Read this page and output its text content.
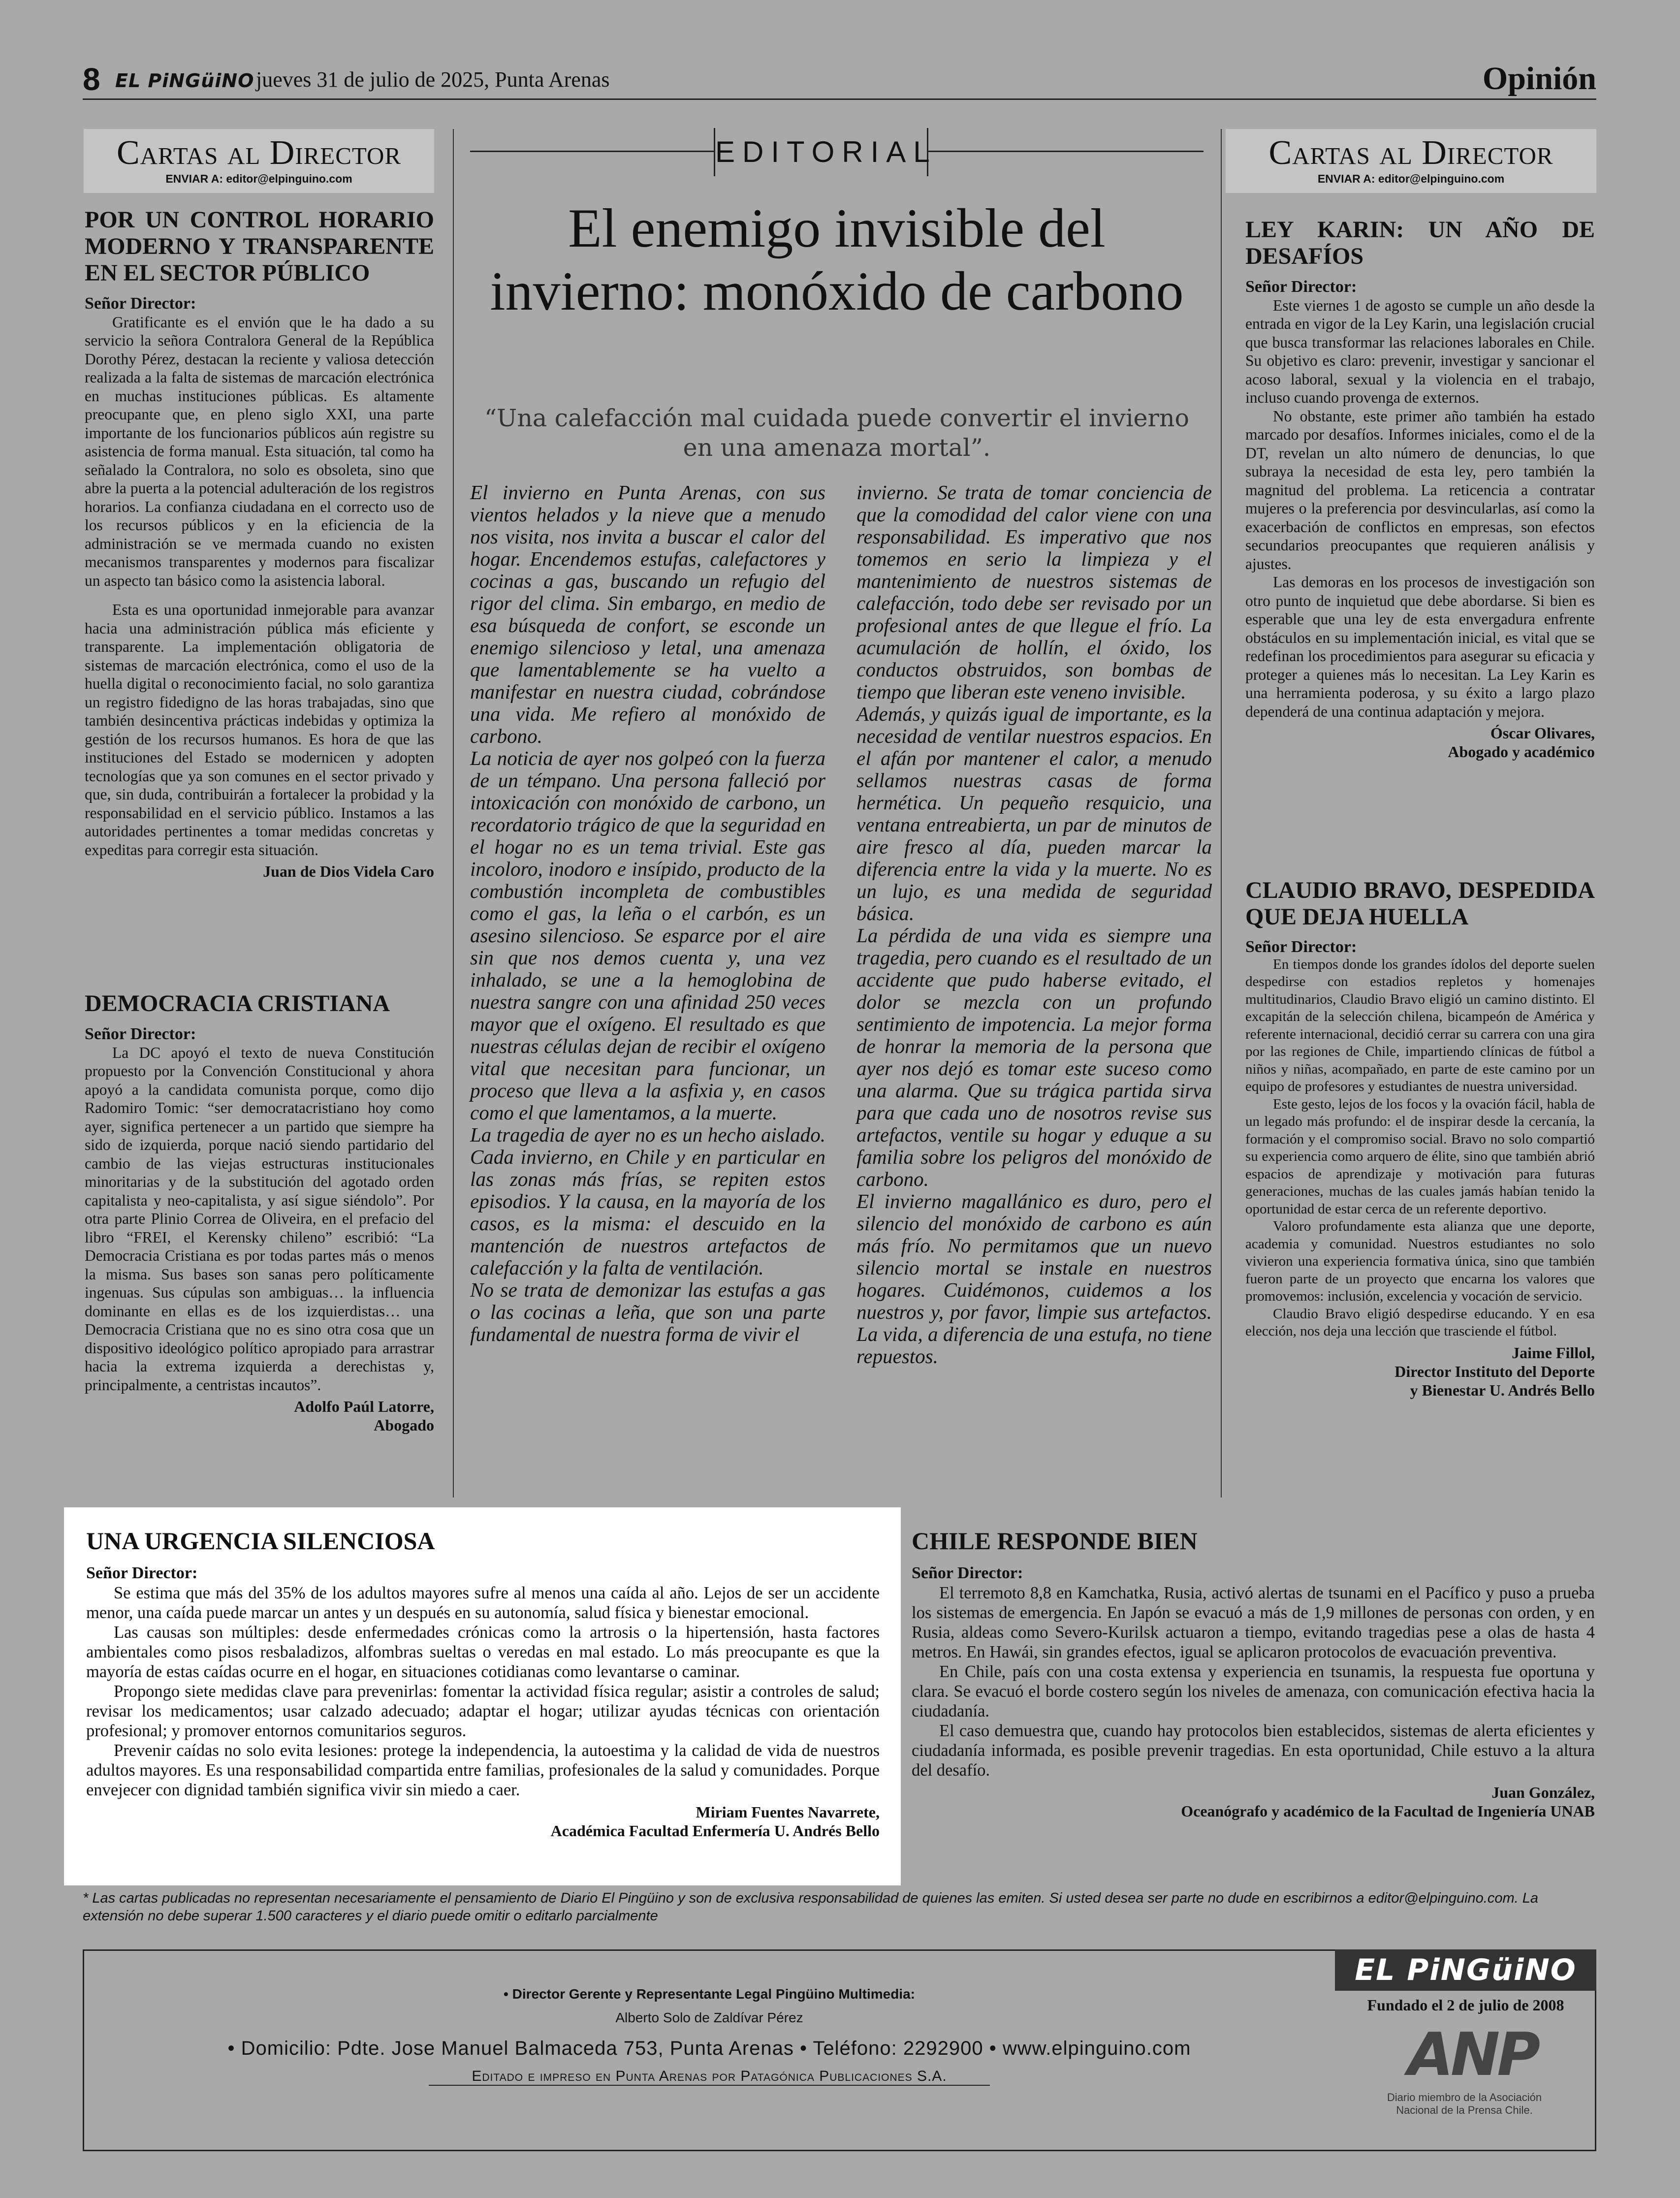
8 EL PiNGüiNO jueves 31 de julio de 2025, Punta Arenas	Opinión
Cartas al Director
ENVIAR A: editor@elpinguino.com
POR UN CONTROL HORARIO MODERNO Y TRANSPARENTE EN EL SECTOR PÚBLICO

Señor Director:

Gratificante es el envión que le ha dado a su servicio la señora Contralora General de la República Dorothy Pérez, destacan la reciente y valiosa detección realizada a la falta de sistemas de marcación electrónica en muchas instituciones públicas. Es altamente preocupante que, en pleno siglo XXI, una parte importante de los funcionarios públicos aún registre su asistencia de forma manual. Esta situación, tal como ha señalado la Contralora, no solo es obsoleta, sino que abre la puerta a la potencial adulteración de los registros horarios. La confianza ciudadana en el correcto uso de los recursos públicos y en la eficiencia de la administración se ve mermada cuando no existen mecanismos transparentes y modernos para fiscalizar un aspecto tan básico como la asistencia laboral.

Esta es una oportunidad inmejorable para avanzar hacia una administración pública más eficiente y transparente. La implementación obligatoria de sistemas de marcación electrónica, como el uso de la huella digital o reconocimiento facial, no solo garantiza un registro fidedigno de las horas trabajadas, sino que también desincentiva prácticas indebidas y optimiza la gestión de los recursos humanos. Es hora de que las instituciones del Estado se modernicen y adopten tecnologías que ya son comunes en el sector privado y que, sin duda, contribuirán a fortalecer la probidad y la responsabilidad en el servicio público. Instamos a las autoridades pertinentes a tomar medidas concretas y expeditas para corregir esta situación.

Juan de Dios Videla Caro
DEMOCRACIA CRISTIANA

Señor Director:

La DC apoyó el texto de nueva Constitución propuesto por la Convención Constitucional y ahora apoyó a la candidata comunista porque, como dijo Radomiro Tomic: “ser democratacristiano hoy como ayer, significa pertenecer a un partido que siempre ha sido de izquierda, porque nació siendo partidario del cambio de las viejas estructuras institucionales minoritarias y de la substitución del agotado orden capitalista y neo-capitalista, y así sigue siéndolo”. Por otra parte Plinio Correa de Oliveira, en el prefacio del libro “FREI, el Kerensky chileno” escribió: “La Democracia Cristiana es por todas partes más o menos la misma. Sus bases son sanas pero políticamente ingenuas. Sus cúpulas son ambiguas… la influencia dominante en ellas es de los izquierdistas… una Democracia Cristiana que no es sino otra cosa que un dispositivo ideológico político apropiado para arrastrar hacia la extrema izquierda a derechistas y, principalmente, a centristas incautos”.

Adolfo Paúl Latorre,
Abogado
EDITORIAL
El enemigo invisible del invierno: monóxido de carbono
“Una calefacción mal cuidada puede convertir el invierno en una amenaza mortal”.

El invierno en Punta Arenas, con sus vientos helados y la nieve que a menudo nos visita, nos invita a buscar el calor del hogar. Encendemos estufas, calefactores y cocinas a gas, buscando un refugio del rigor del clima. Sin embargo, en medio de esa búsqueda de confort, se esconde un enemigo silencioso y letal, una amenaza que lamentablemente se ha vuelto a manifestar en nuestra ciudad, cobrándose una vida. Me refiero al monóxido de carbono.

La noticia de ayer nos golpeó con la fuerza de un témpano. Una persona falleció por intoxicación con monóxido de carbono, un recordatorio trágico de que la seguridad en el hogar no es un tema trivial. Este gas incoloro, inodoro e insípido, producto de la combustión incompleta de combustibles como el gas, la leña o el carbón, es un asesino silencioso. Se esparce por el aire sin que nos demos cuenta y, una vez inhalado, se une a la hemoglobina de nuestra sangre con una afinidad 250 veces mayor que el oxígeno. El resultado es que nuestras células dejan de recibir el oxígeno vital que necesitan para funcionar, un proceso que lleva a la asfixia y, en casos como el que lamentamos, a la muerte.

La tragedia de ayer no es un hecho aislado. Cada invierno, en Chile y en particular en las zonas más frías, se repiten estos episodios. Y la causa, en la mayoría de los casos, es la misma: el descuido en la mantención de nuestros artefactos de calefacción y la falta de ventilación.

No se trata de demonizar las estufas a gas o las cocinas a leña, que son una parte fundamental de nuestra forma de vivir el

invierno. Se trata de tomar conciencia de que la comodidad del calor viene con una responsabilidad. Es imperativo que nos tomemos en serio la limpieza y el mantenimiento de nuestros sistemas de calefacción, todo debe ser revisado por un profesional antes de que llegue el frío. La acumulación de hollín, el óxido, los conductos obstruidos, son bombas de tiempo que liberan este veneno invisible.

Además, y quizás igual de importante, es la necesidad de ventilar nuestros espacios. En el afán por mantener el calor, a menudo sellamos nuestras casas de forma hermética. Un pequeño resquicio, una ventana entreabierta, un par de minutos de aire fresco al día, pueden marcar la diferencia entre la vida y la muerte. No es un lujo, es una medida de seguridad básica.

La pérdida de una vida es siempre una tragedia, pero cuando es el resultado de un accidente que pudo haberse evitado, el dolor se mezcla con un profundo sentimiento de impotencia. La mejor forma de honrar la memoria de la persona que ayer nos dejó es tomar este suceso como una alarma. Que su trágica partida sirva para que cada uno de nosotros revise sus artefactos, ventile su hogar y eduque a su familia sobre los peligros del monóxido de carbono.

El invierno magallánico es duro, pero el silencio del monóxido de carbono es aún más frío. No permitamos que un nuevo silencio mortal se instale en nuestros hogares. Cuidémonos, cuidemos a los nuestros y, por favor, limpie sus artefactos. La vida, a diferencia de una estufa, no tiene repuestos.

Cartas al Director
ENVIAR A: editor@elpinguino.com
LEY KARIN: UN AÑO DE DESAFÍOS

Señor Director:

Este viernes 1 de agosto se cumple un año desde la entrada en vigor de la Ley Karin, una legislación crucial que busca transformar las relaciones laborales en Chile. Su objetivo es claro: prevenir, investigar y sancionar el acoso laboral, sexual y la violencia en el trabajo, incluso cuando provenga de externos.

No obstante, este primer año también ha estado marcado por desafíos. Informes iniciales, como el de la DT, revelan un alto número de denuncias, lo que subraya la necesidad de esta ley, pero también la magnitud del problema. La reticencia a contratar mujeres o la preferencia por desvincularlas, así como la exacerbación de conflictos en empresas, son efectos secundarios preocupantes que requieren análisis y ajustes.

Las demoras en los procesos de investigación son otro punto de inquietud que debe abordarse. Si bien es esperable que una ley de esta envergadura enfrente obstáculos en su implementación inicial, es vital que se redefinan los procedimientos para asegurar su eficacia y proteger a quienes más lo necesitan. La Ley Karin es una herramienta poderosa, y su éxito a largo plazo dependerá de una continua adaptación y mejora.

Óscar Olivares,
Abogado y académico
CLAUDIO BRAVO, DESPEDIDA QUE DEJA HUELLA

Señor Director:

En tiempos donde los grandes ídolos del deporte suelen despedirse con estadios repletos y homenajes multitudinarios, Claudio Bravo eligió un camino distinto. El excapitán de la selección chilena, bicampeón de América y referente internacional, decidió cerrar su carrera con una gira por las regiones de Chile, impartiendo clínicas de fútbol a niños y niñas, acompañado, en parte de este camino por un equipo de profesores y estudiantes de nuestra universidad.

Este gesto, lejos de los focos y la ovación fácil, habla de un legado más profundo: el de inspirar desde la cercanía, la formación y el compromiso social. Bravo no solo compartió su experiencia como arquero de élite, sino que también abrió espacios de aprendizaje y motivación para futuras generaciones, muchas de las cuales jamás habían tenido la oportunidad de estar cerca de un referente deportivo.

Valoro profundamente esta alianza que une deporte, academia y comunidad. Nuestros estudiantes no solo vivieron una experiencia formativa única, sino que también fueron parte de un proyecto que encarna los valores que promovemos: inclusión, excelencia y vocación de servicio.

Claudio Bravo eligió despedirse educando. Y en esa elección, nos deja una lección que trasciende el fútbol.

Jaime Fillol,
Director Instituto del Deporte
y Bienestar U. Andrés Bello
UNA URGENCIA SILENCIOSA

Señor Director:

Se estima que más del 35% de los adultos mayores sufre al menos una caída al año. Lejos de ser un accidente menor, una caída puede marcar un antes y un después en su autonomía, salud física y bienestar emocional.

Las causas son múltiples: desde enfermedades crónicas como la artrosis o la hipertensión, hasta factores ambientales como pisos resbaladizos, alfombras sueltas o veredas en mal estado. Lo más preocupante es que la mayoría de estas caídas ocurre en el hogar, en situaciones cotidianas como levantarse o caminar.

Propongo siete medidas clave para prevenirlas: fomentar la actividad física regular; asistir a controles de salud; revisar los medicamentos; usar calzado adecuado; adaptar el hogar; utilizar ayudas técnicas con orientación profesional; y promover entornos comunitarios seguros.

Prevenir caídas no solo evita lesiones: protege la independencia, la autoestima y la calidad de vida de nuestros adultos mayores. Es una responsabilidad compartida entre familias, profesionales de la salud y comunidades. Porque envejecer con dignidad también significa vivir sin miedo a caer.

Miriam Fuentes Navarrete,
Académica Facultad Enfermería U. Andrés Bello
CHILE RESPONDE BIEN

Señor Director:

El terremoto 8,8 en Kamchatka, Rusia, activó alertas de tsunami en el Pacífico y puso a prueba los sistemas de emergencia. En Japón se evacuó a más de 1,9 millones de personas con orden, y en Rusia, aldeas como Severo-Kurilsk actuaron a tiempo, evitando tragedias pese a olas de hasta 4 metros. En Hawái, sin grandes efectos, igual se aplicaron protocolos de evacuación preventiva.

En Chile, país con una costa extensa y experiencia en tsunamis, la respuesta fue oportuna y clara. Se evacuó el borde costero según los niveles de amenaza, con comunicación efectiva hacia la ciudadanía.

El caso demuestra que, cuando hay protocolos bien establecidos, sistemas de alerta eficientes y ciudadanía informada, es posible prevenir tragedias. En esta oportunidad, Chile estuvo a la altura del desafío.

Juan González,
Oceanógrafo y académico de la Facultad de Ingeniería UNAB
* Las cartas publicadas no representan necesariamente el pensamiento de Diario El Pingüino y son de exclusiva responsabilidad de quienes las emiten. Si usted desea ser parte no dude en escribirnos a editor@elpinguino.com. La extensión no debe superar 1.500 caracteres y el diario puede omitir o editarlo parcialmente
• Director Gerente y Representante Legal Pingüino Multimedia:
Alberto Solo de Zaldívar Pérez
• Domicilio: Pdte. Jose Manuel Balmaceda 753, Punta Arenas • Teléfono: 2292900 • www.elpinguino.com
Editado e impreso en Punta Arenas por Patagónica Publicaciones S.A.
EL PiNGüiNO
Fundado el 2 de julio de 2008
ANP
Diario miembro de la Asociación Nacional de la Prensa Chile.
